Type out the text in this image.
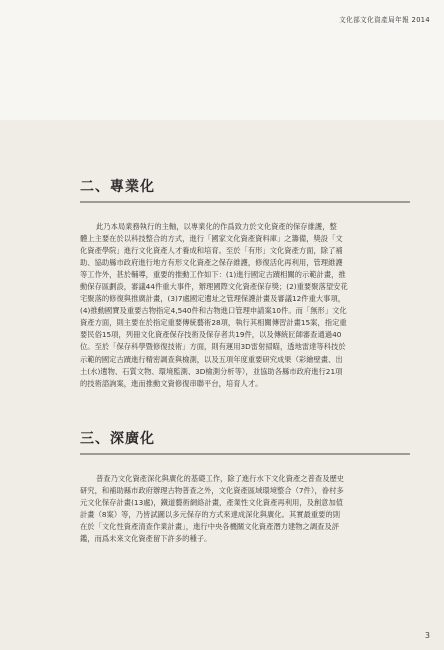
文化部文化資產局年報 2014
二、專業化
此乃本局業務執行的主軸，以專業化的作爲致力於文化資產的保存維護，整
體上主要在於以科技整合的方式，進行「國家文化資產資料庫」之籌備，獎設「文
化資產學院」進行文化資產人才養成和培育。至於「有形」文化資產方面，除了補
助、協助縣市政府進行地方有形文化資產之保存維護，修復活化再利用，管理維護
等工作外，甚於輔導，重要的推動工作如下：(1)進行國定古蹟相關的示範計畫，推
動保存區劃設，審議44件重大事件，辦理國際文化資產保存獎；(2)重要聚落望安花
宅聚落的修復與推廣計畫，(3)7處國定遺址之管理保護計畫及審議12件重大事項，
(4)推動國寶及重要古物指定4,540件和古物進口管理申請案10件。而「無形」文化
資產方面，則主要在於指定重要傳統藝術28項，執行其相關傳習計畫15案，指定重
要民俗15項，列冊文化資產保存技術及保存者共19件，以及傳統匠師審查通過40
位。至於「保存科學暨修復技術」方面，則有運用3D雷射掃瞄，透地雷達等科技於
示範的國定古蹟進行精密調查與檢測，以及五項年度重要研究成果（彩繪壁畫、出
土(水)遺物、石質文物、環境監測、3D檢測分析等），並協助各縣市政府進行21項
的技術諮詢案，進而推動文資修復串聯平台，培育人才。
三、深廣化
普查乃文化資產深化與廣化的基礎工作，除了進行水下文化資產之普查及歷史
研究，和補助縣市政府辦理古物普查之外，文化資產區域環境整合（7件），眷村多
元文化保存計畫(13處)，鐵道藝術網絡計畫，產業性文化資產再利用，及創意加值
計畫（8案）等，乃皆試圖以多元保存的方式來達成深化與廣化。其實最重要的則
在於「文化性資產清查作業計畫」，進行中央各機關文化資產潛力建物之調查及評
鑑，而爲未來文化資產留下許多的種子。
3
